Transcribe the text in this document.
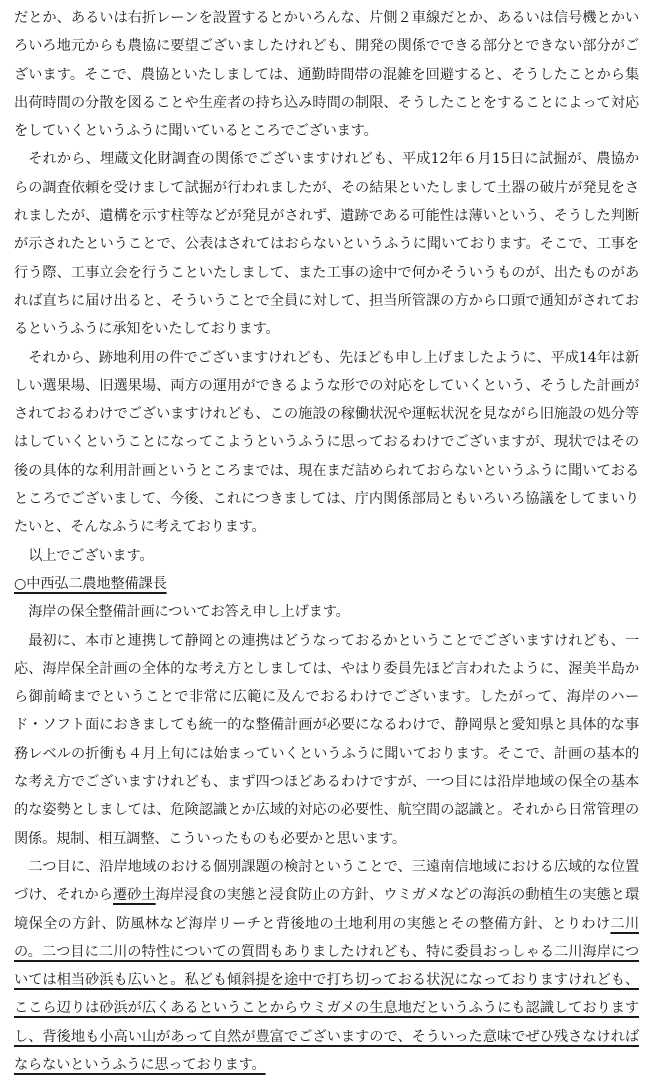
だとか、あるいは右折レーンを設置するとかいろんな、片側２車線だとか、あるいは信号機とかいろいろ地元からも農協に要望ございましたけれども、開発の関係でできる部分とできない部分がございます。そこで、農協といたしましては、通勤時間帯の混雑を回避すると、そうしたことから集出荷時間の分散を図ることや生産者の持ち込み時間の制限、そうしたことをすることによって対応をしていくというふうに聞いているところでございます。

それから、埋蔵文化財調査の関係でございますけれども、平成12年６月15日に試掘が、農協からの調査依頼を受けまして試掘が行われましたが、その結果といたしまして土器の破片が発見をされましたが、遺構を示す柱等などが発見がされず、遺跡である可能性は薄いという、そうした判断が示されたということで、公表はされてはおらないというふうに聞いております。そこで、工事を行う際、工事立会を行うこといたしまして、また工事の途中で何かそういうものが、出たものがあれば直ちに届け出ると、そういうことで全員に対して、担当所管課の方から口頭で通知がされておるというふうに承知をいたしております。

それから、跡地利用の件でございますけれども、先ほども申し上げましたように、平成14年は新しい選果場、旧選果場、両方の運用ができるような形での対応をしていくという、そうした計画がされておるわけでございますけれども、この施設の稼働状況や運転状況を見ながら旧施設の処分等はしていくということになってこようというふうに思っておるわけでございますが、現状ではその後の具体的な利用計画というところまでは、現在まだ詰められておらないというふうに聞いておるところでございまして、今後、これにつきましては、庁内関係部局ともいろいろ協議をしてまいりたいと、そんなふうに考えております。

以上でございます。

○中西弘二農地整備課長

海岸の保全整備計画についてお答え申し上げます。

最初に、本市と連携して静岡との連携はどうなっておるかということでございますけれども、一応、海岸保全計画の全体的な考え方としましては、やはり委員先ほど言われたように、渥美半島から御前崎までということで非常に広範に及んでおるわけでございます。したがって、海岸のハード・ソフト面におきましても統一的な整備計画が必要になるわけで、静岡県と愛知県と具体的な事務レベルの折衝も４月上旬には始まっていくというふうに聞いております。そこで、計画の基本的な考え方でございますけれども、まず四つほどあるわけですが、一つ目には沿岸地域の保全の基本的な姿勢としましては、危険認識とか広域的対応の必要性、航空間の認識と。それから日常管理の関係。規制、相互調整、こういったものも必要かと思います。

二つ目に、沿岸地域のおける個別課題の検討ということで、三遠南信地域における広域的な位置づけ、それから遷砂土海岸浸食の実態と浸食防止の方針、ウミガメなどの海浜の動植生の実態と環境保全の方針、防風林など海岸リーチと背後地の土地利用の実態とその整備方針、とりわけ二川の。二つ目に二川の特性についての質問もありましたけれども、特に委員おっしゃる二川海岸については相当砂浜も広いと。私ども傾斜提を途中で打ち切っておる状況になっておりますけれども、ここら辺りは砂浜が広くあるということからウミガメの生息地だというふうにも認識しておりますし、背後地も小高い山があって自然が豊富でございますので、そういった意味でぜひ残さなければならないというふうに思っております。
